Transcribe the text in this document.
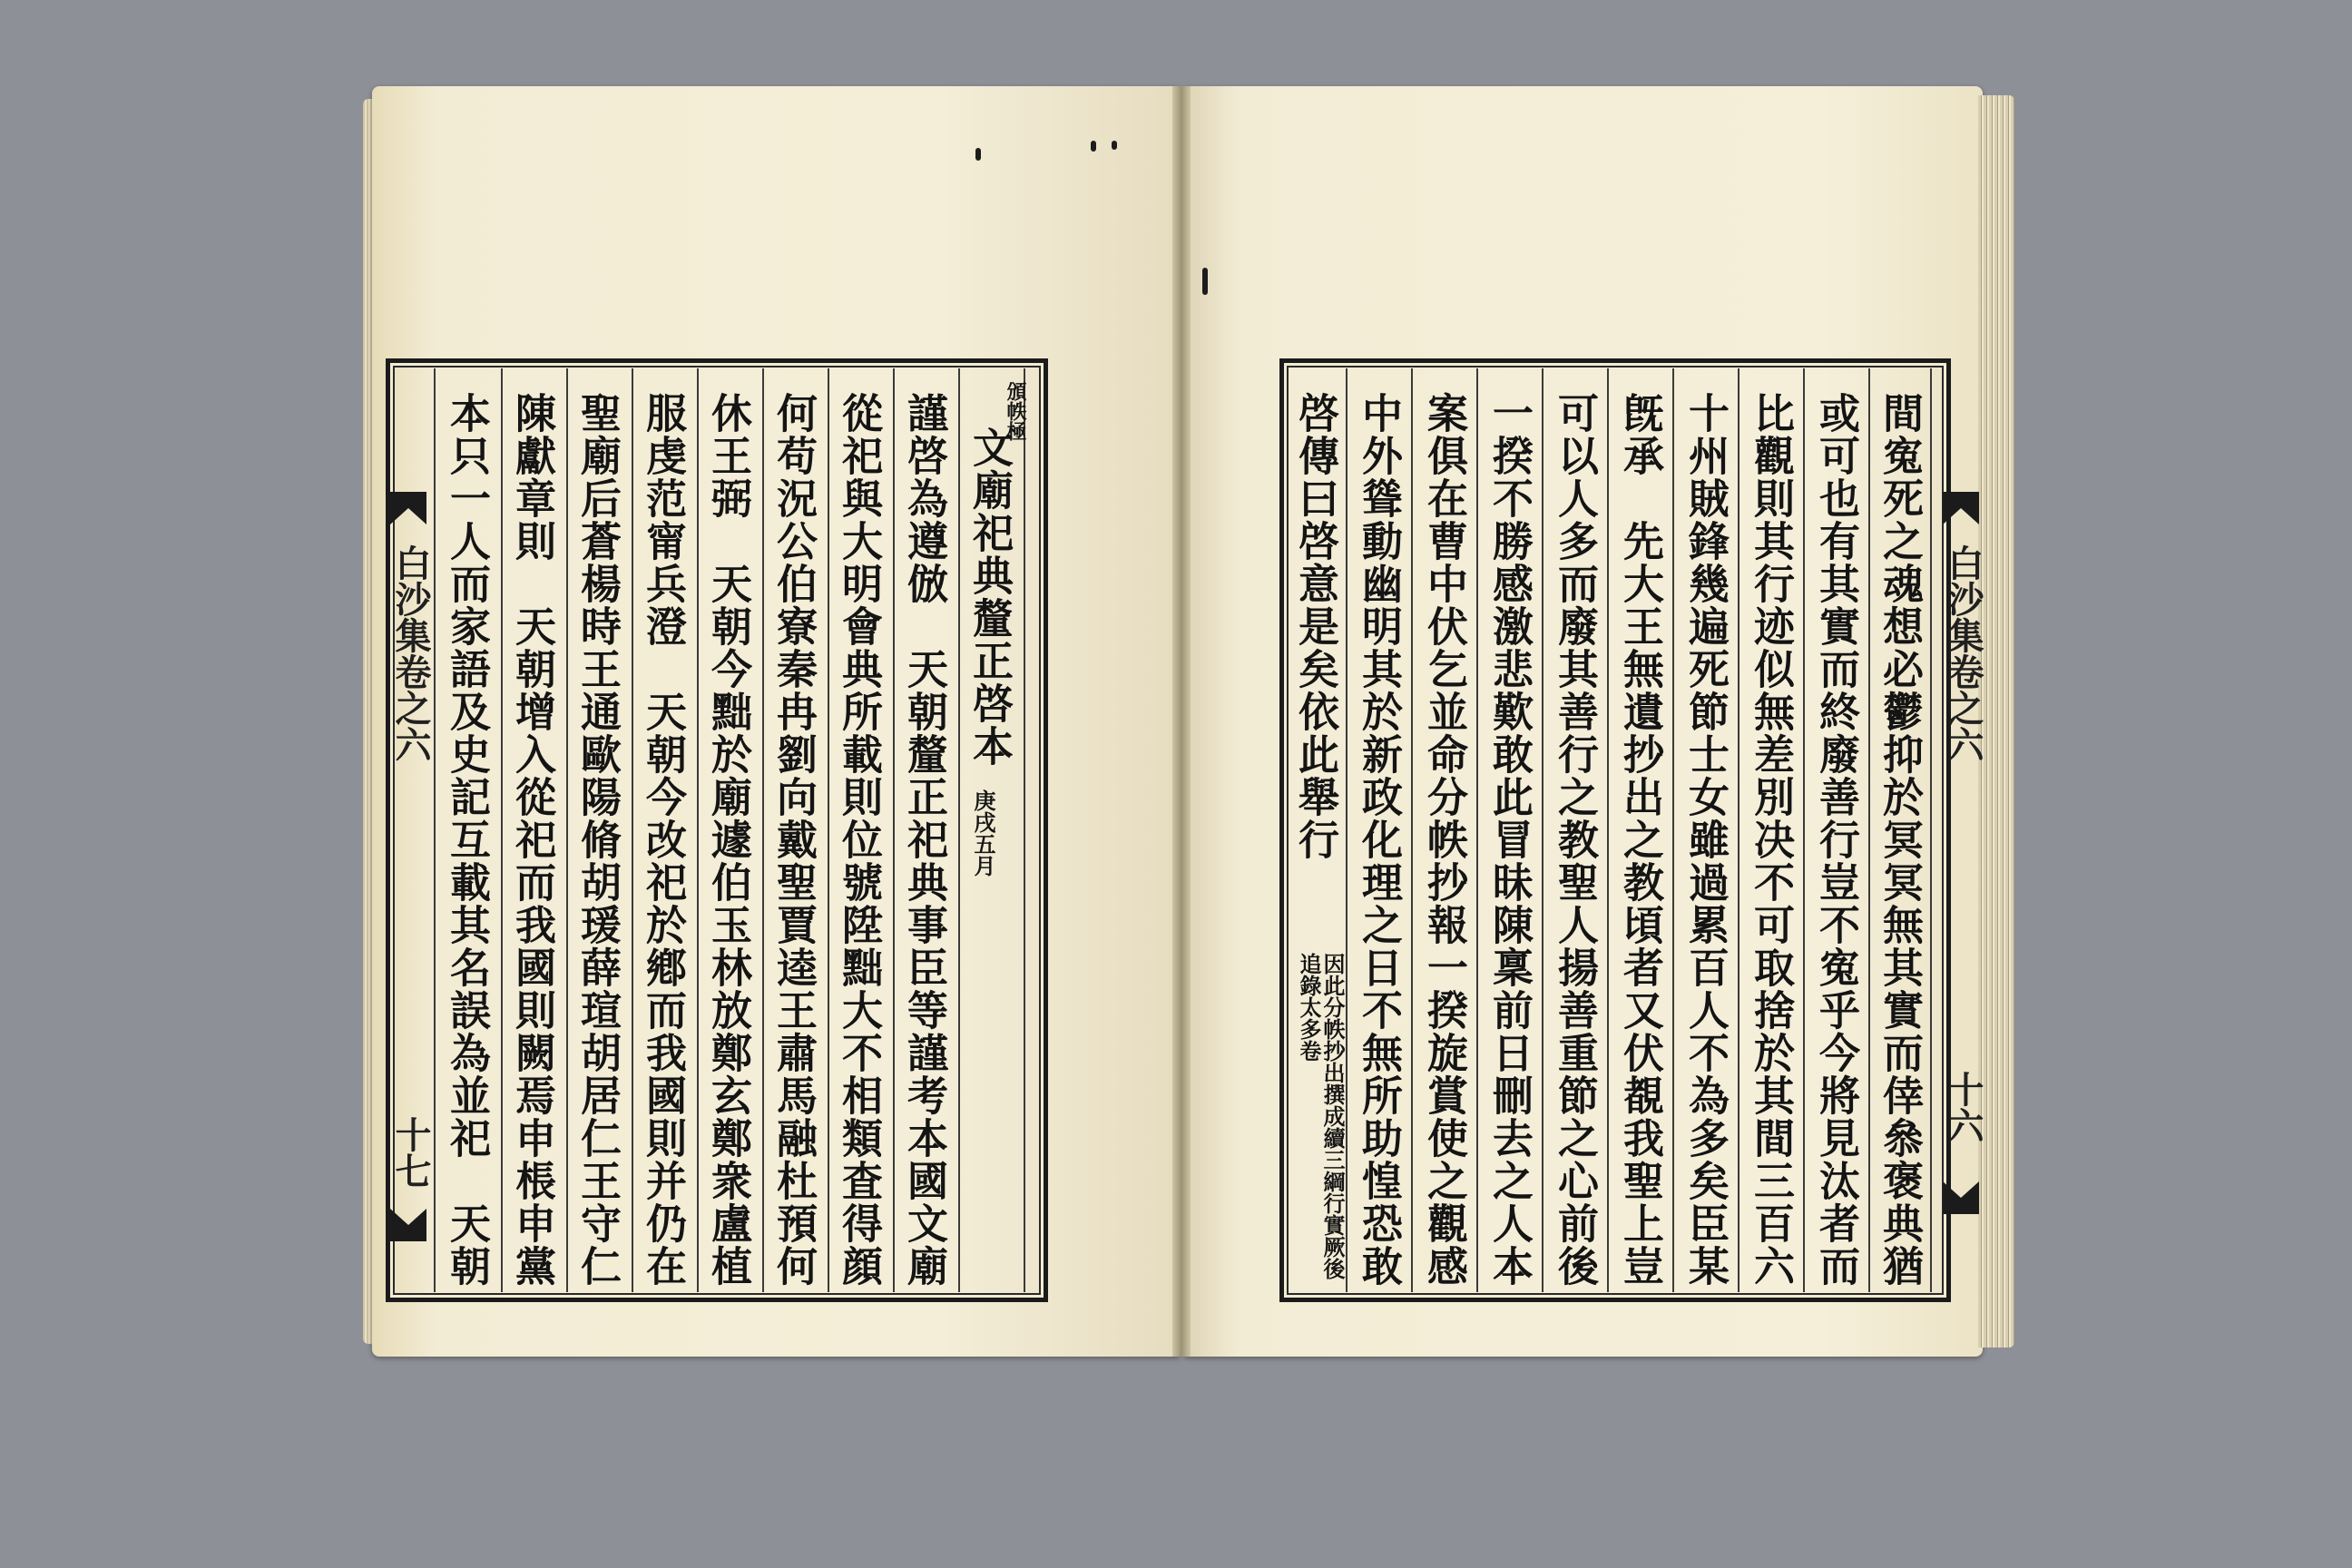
白沙集卷之六
十七 本只一人而家語及史記互載其名誤為並祀　天朝 陳獻章則　天朝增入從祀而我國則闕焉申棖申黨 聖廟后蒼楊時王通歐陽脩胡瑗薛瑄胡居仁王守仁 服虔范甯兵澄　天朝今改祀於鄕而我國則并仍在 休王弼　天朝今黜於廟遽伯玉林放鄭玄鄭衆盧植 何苟況公伯寮秦冉劉向戴聖賈逵王肅馬融杜預何 從祀與大明會典所載則位號陞黜大不相類査得顔 謹啓為遵倣　天朝釐正祀典事臣等謹考本國文廟 文廟祀典釐正啓本
庚戌五月
頒帙極	啓傳曰啓意是矣依此舉行
因此分帙抄出撰成續三綱行實厥後追錄太多卷 中外聳動幽明其於新政化理之日不無所助惶恐敢 案俱在曹中伏乞並命分帙抄報一揆旋賞使之觀感 一揆不勝感激悲歎敢此冒昧陳稟前日刪去之人本 可以人多而廢其善行之教聖人揚善重節之心前後 旣承　先大王無遺抄出之教頃者又伏覩我聖上豈 十州賊鋒幾遍死節士女雖過累百人不為多矣臣某 比觀則其行迹似無差別决不可取捨於其間三百六 或可也有其實而終廢善行豈不寃乎今將見汰者而 間寃死之魂想必鬱抑於冥冥無其實而倖叅褒典猶 白沙集卷之六
十六
